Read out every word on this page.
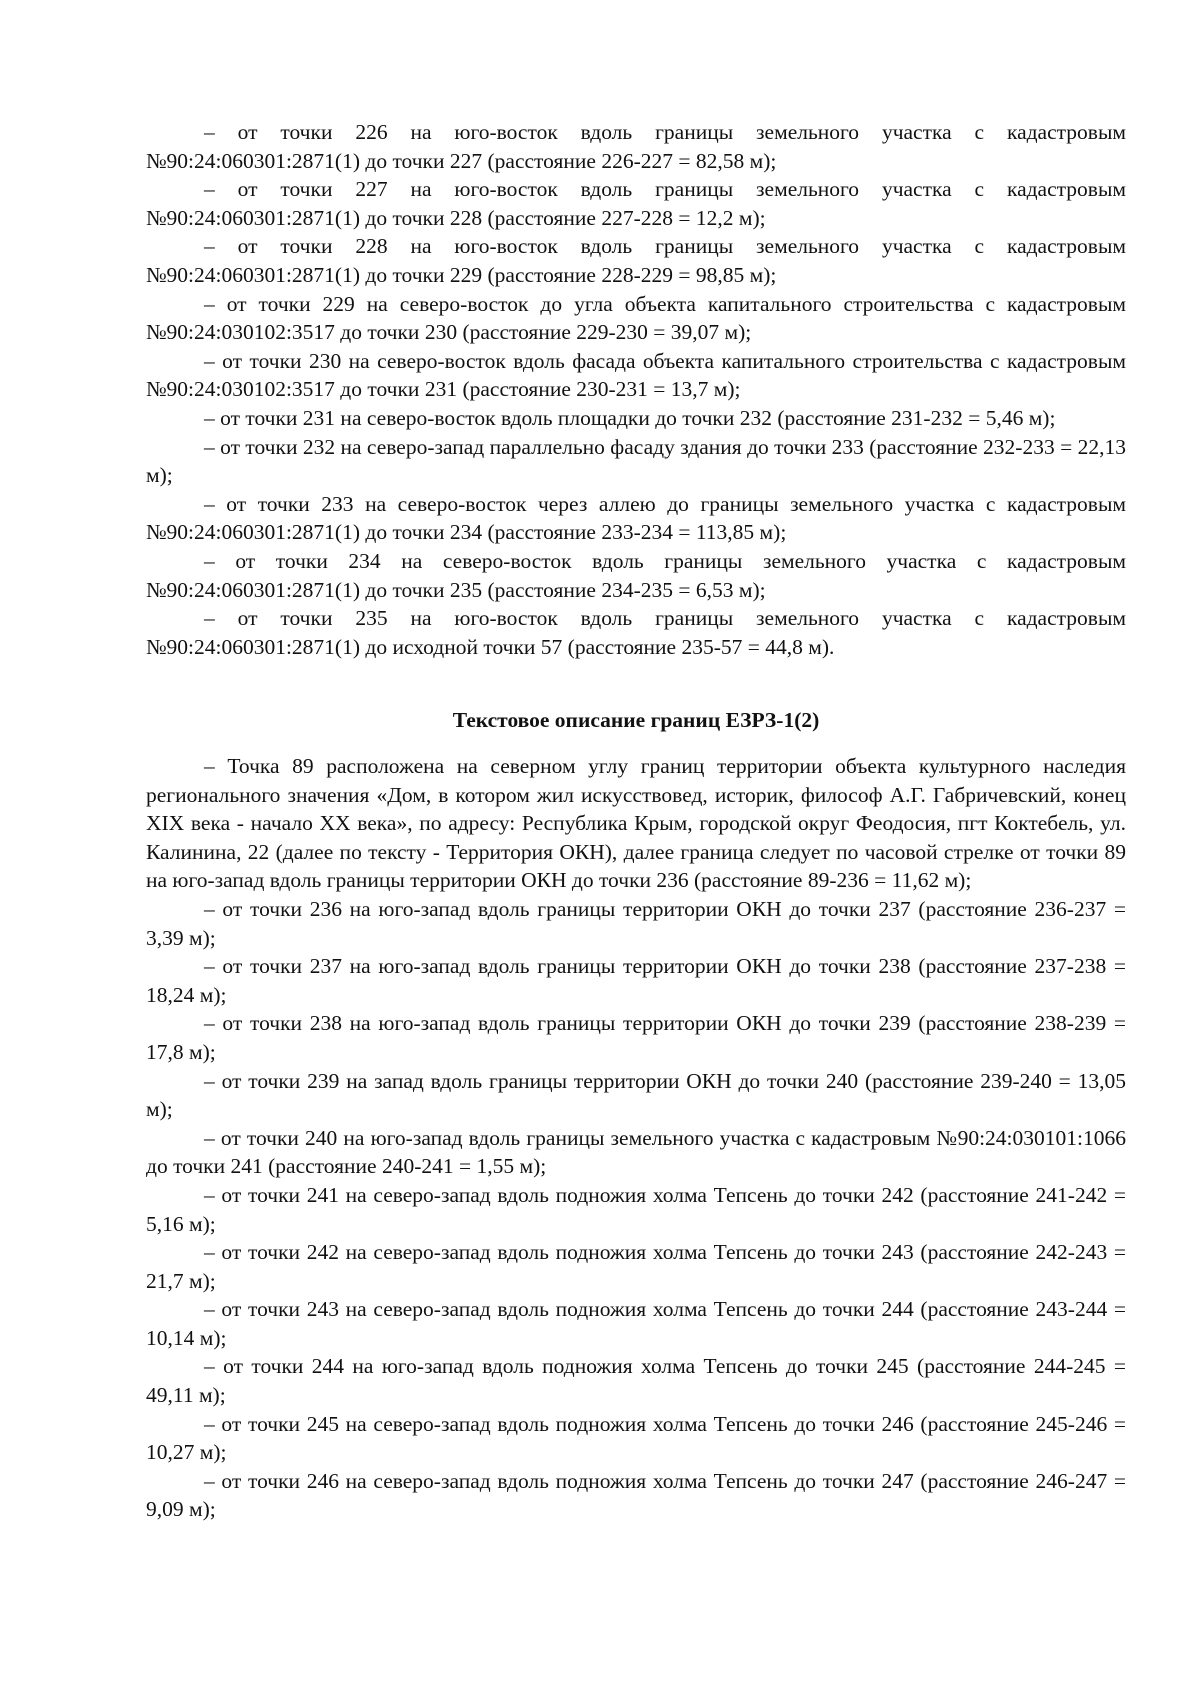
– от точки 226 на юго-восток вдоль границы земельного участка с кадастровым №90:24:060301:2871(1) до точки 227 (расстояние 226-227 = 82,58 м);

– от точки 227 на юго-восток вдоль границы земельного участка с кадастровым №90:24:060301:2871(1) до точки 228 (расстояние 227-228 = 12,2 м);

– от точки 228 на юго-восток вдоль границы земельного участка с кадастровым №90:24:060301:2871(1) до точки 229 (расстояние 228-229 = 98,85 м);

– от точки 229 на северо-восток до угла объекта капитального строительства с кадастровым №90:24:030102:3517 до точки 230 (расстояние 229-230 = 39,07 м);

– от точки 230 на северо-восток вдоль фасада объекта капитального строительства с кадастровым №90:24:030102:3517 до точки 231 (расстояние 230-231 = 13,7 м);

– от точки 231 на северо-восток вдоль площадки до точки 232 (расстояние 231-232 = 5,46 м);

– от точки 232 на северо-запад параллельно фасаду здания до точки 233 (расстояние 232-233 = 22,13 м);

– от точки 233 на северо-восток через аллею до границы земельного участка с кадастровым №90:24:060301:2871(1) до точки 234 (расстояние 233-234 = 113,85 м);

– от точки 234 на северо-восток вдоль границы земельного участка с кадастровым №90:24:060301:2871(1) до точки 235 (расстояние 234-235 = 6,53 м);

– от точки 235 на юго-восток вдоль границы земельного участка с кадастровым №90:24:060301:2871(1) до исходной точки 57 (расстояние 235-57 = 44,8 м).

Текстовое описание границ ЕЗРЗ-1(2)

– Точка 89 расположена на северном углу границ территории объекта культурного наследия регионального значения «Дом, в котором жил искусствовед, историк, философ А.Г. Габричевский, конец XIX века - начало XX века», по адресу: Республика Крым, городской округ Феодосия, пгт Коктебель, ул. Калинина, 22 (далее по тексту - Территория ОКН), далее граница следует по часовой стрелке от точки 89 на юго-запад вдоль границы территории ОКН до точки 236 (расстояние 89-236 = 11,62 м);

– от точки 236 на юго-запад вдоль границы территории ОКН до точки 237 (расстояние 236-237 = 3,39 м);

– от точки 237 на юго-запад вдоль границы территории ОКН до точки 238 (расстояние 237-238 = 18,24 м);

– от точки 238 на юго-запад вдоль границы территории ОКН до точки 239 (расстояние 238-239 = 17,8 м);

– от точки 239 на запад вдоль границы территории ОКН до точки 240 (расстояние 239-240 = 13,05 м);

– от точки 240 на юго-запад вдоль границы земельного участка с кадастровым №90:24:030101:1066 до точки 241 (расстояние 240-241 = 1,55 м);

– от точки 241 на северо-запад вдоль подножия холма Тепсень до точки 242 (расстояние 241-242 = 5,16 м);

– от точки 242 на северо-запад вдоль подножия холма Тепсень до точки 243 (расстояние 242-243 = 21,7 м);

– от точки 243 на северо-запад вдоль подножия холма Тепсень до точки 244 (расстояние 243-244 = 10,14 м);

– от точки 244 на юго-запад вдоль подножия холма Тепсень до точки 245 (расстояние 244-245 = 49,11 м);

– от точки 245 на северо-запад вдоль подножия холма Тепсень до точки 246 (расстояние 245-246 = 10,27 м);

– от точки 246 на северо-запад вдоль подножия холма Тепсень до точки 247 (расстояние 246-247 = 9,09 м);
